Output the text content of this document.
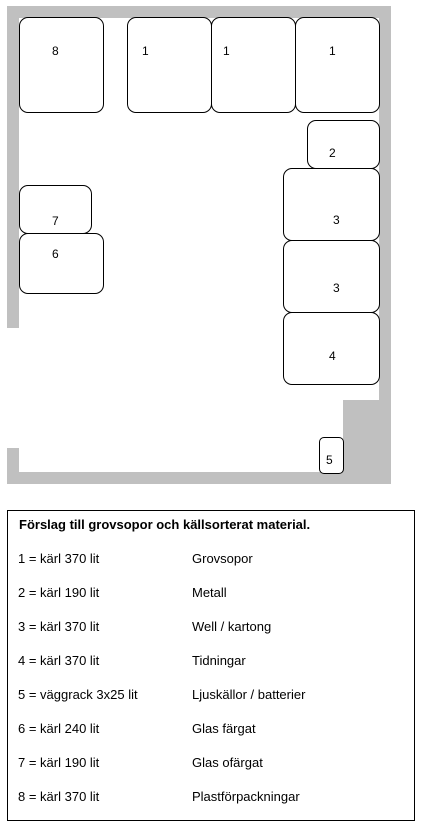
8	1	1	1
2
7
6
3
3
4
5
Förslag till grovsopor och källsorterat material.
1 = kärl 370 lit	Grovsopor
2 = kärl 190 lit	Metall
3 = kärl 370 lit	Well / kartong
4 = kärl 370 lit	Tidningar
5 = väggrack 3x25 lit	Ljuskällor / batterier
6 = kärl 240 lit	Glas färgat
7 = kärl 190 lit	Glas ofärgat
8 = kärl 370 lit	Plastförpackningar
